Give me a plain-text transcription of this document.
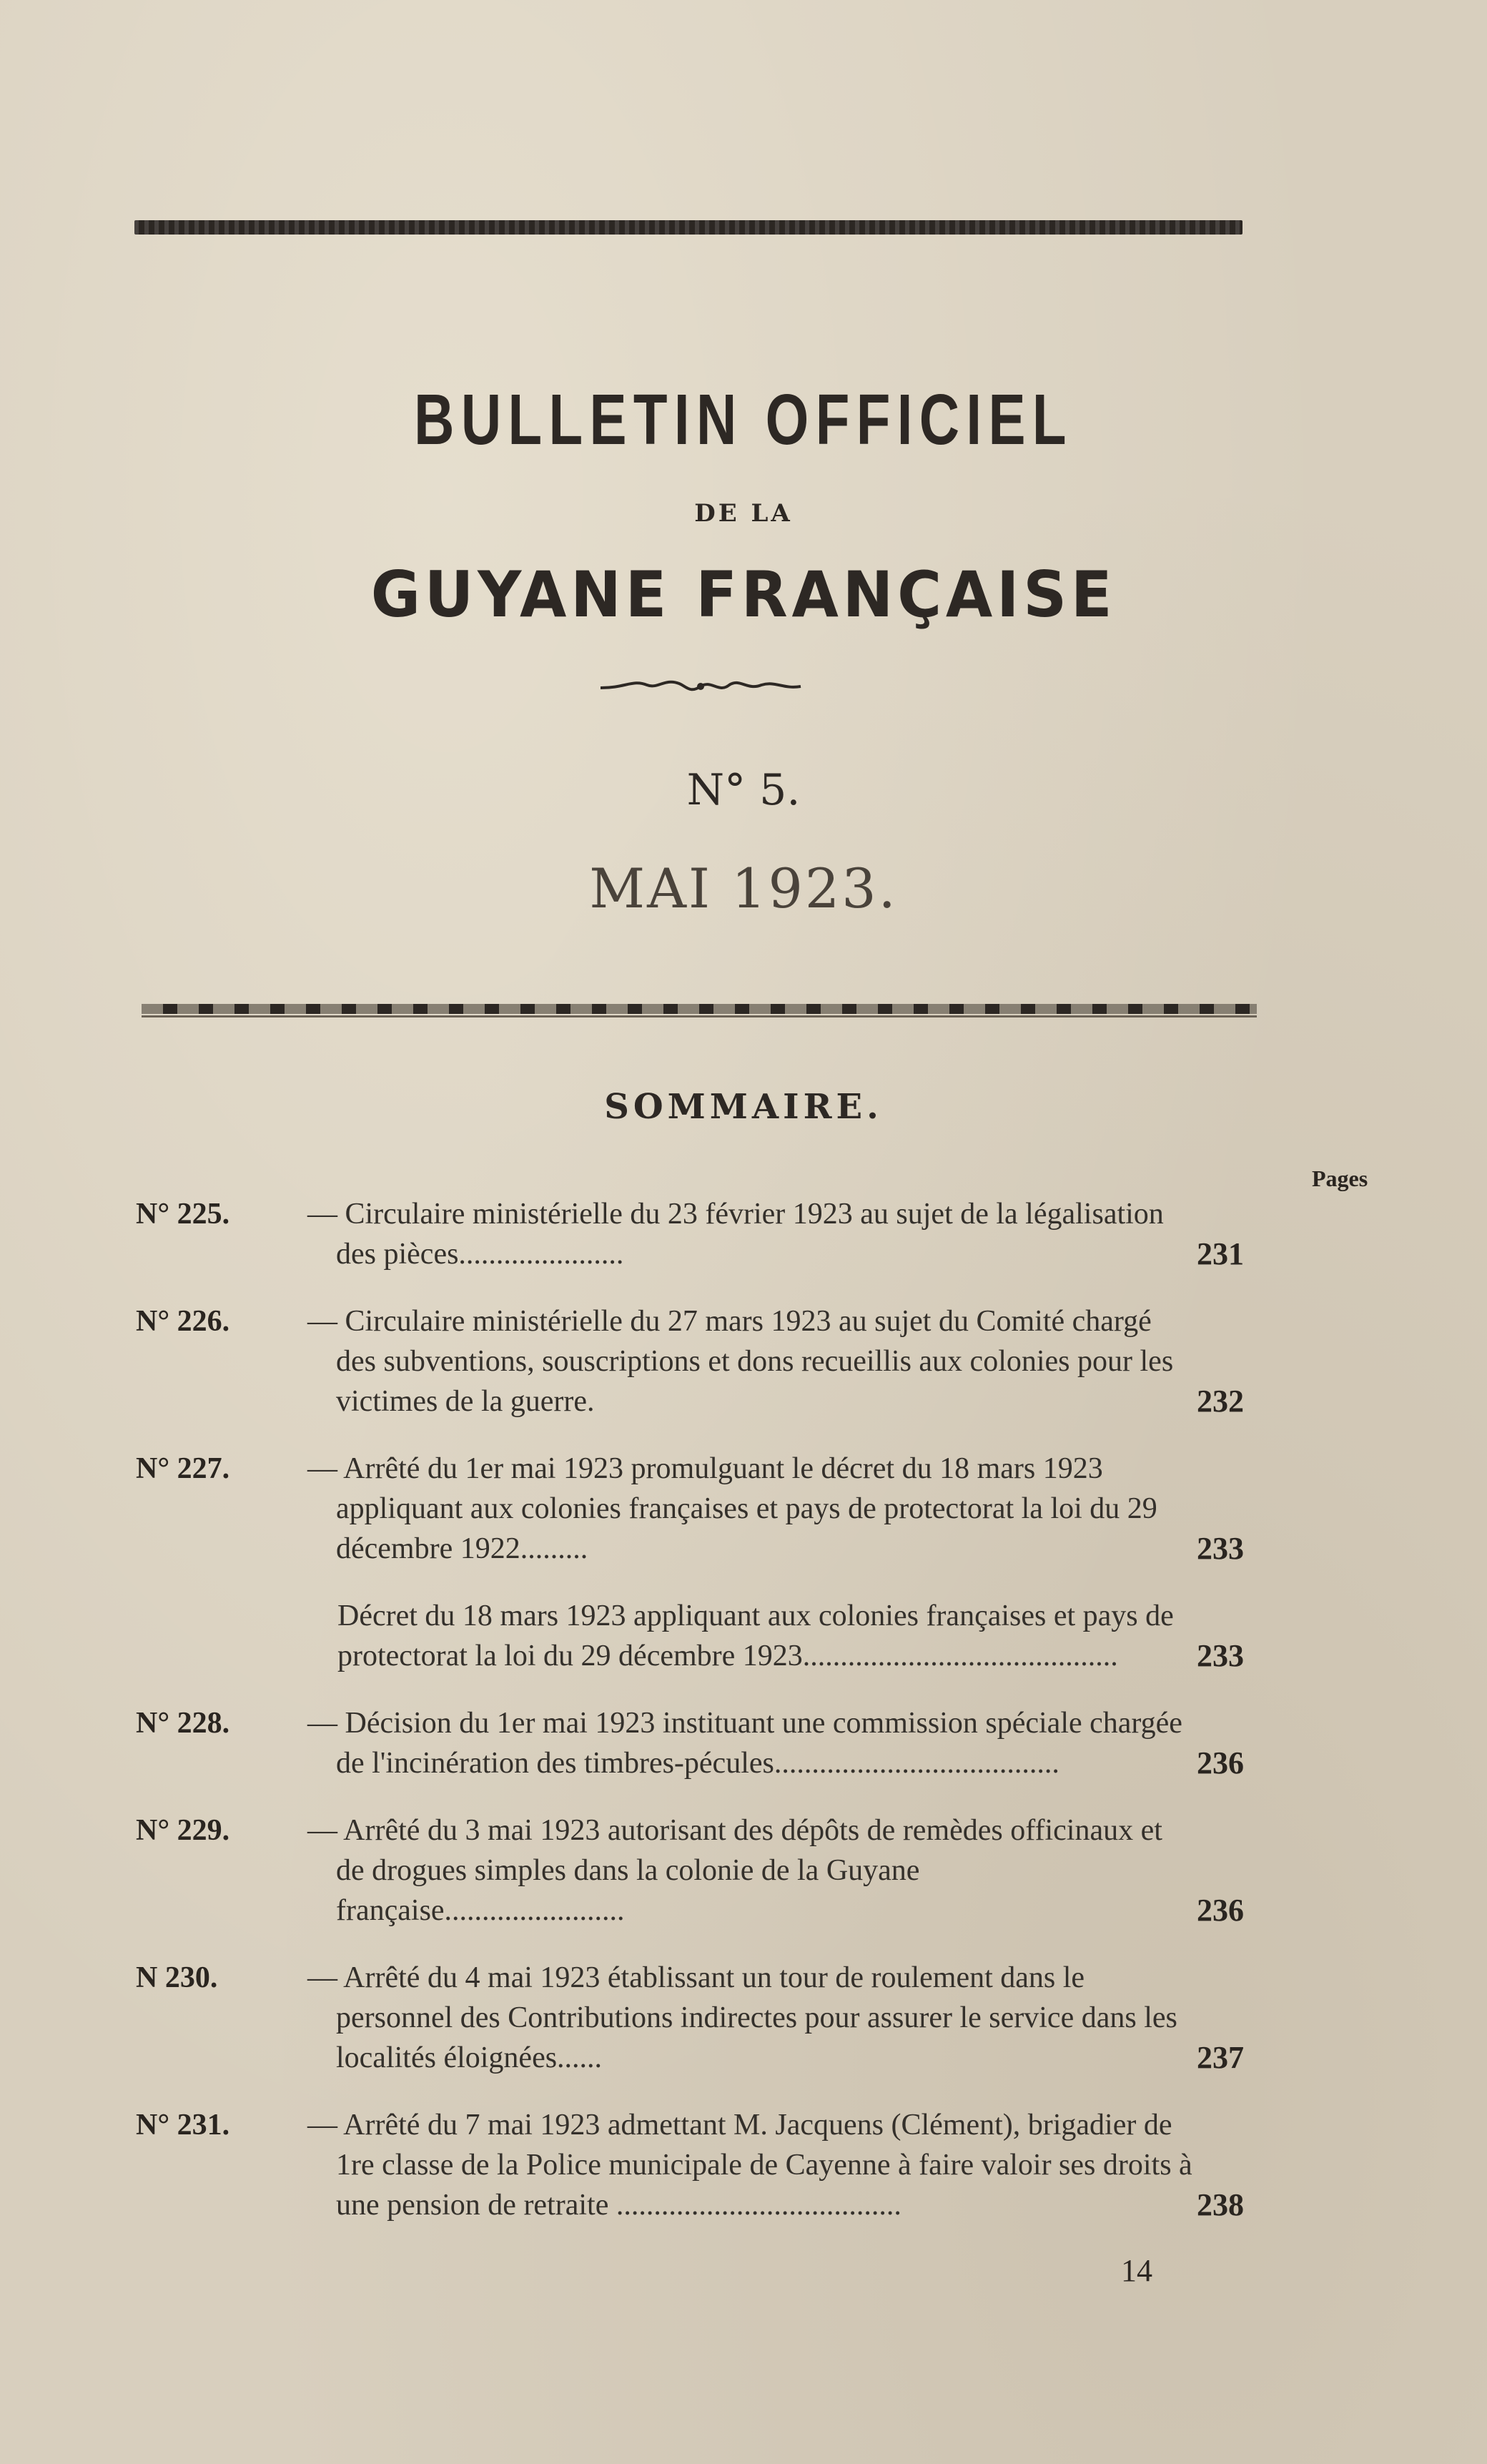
BULLETIN OFFICIEL
DE LA
GUYANE FRANÇAISE
N° 5.
MAI 1923.
SOMMAIRE.
Pages
N° 225.	— Circulaire ministérielle du 23 février 1923 au sujet de la légalisation des pièces......................	231
N° 226.	— Circulaire ministérielle du 27 mars 1923 au sujet du Comité chargé des subventions, souscriptions et dons recueillis aux colonies pour les victimes de la guerre.	232
N° 227.	— Arrêté du 1er mai 1923 promulguant le décret du 18 mars 1923 appliquant aux colonies françaises et pays de protectorat la loi du 29 décembre 1922.........	233
Décret du 18 mars 1923 appliquant aux colonies françaises et pays de protectorat la loi du 29 décembre 1923..........................................	233
N° 228.	— Décision du 1er mai 1923 instituant une commission spéciale chargée de l'incinération des timbres-pécules......................................	236
N° 229.	— Arrêté du 3 mai 1923 autorisant des dépôts de remèdes officinaux et de drogues simples dans la colonie de la Guyane française........................	236
N 230.	— Arrêté du 4 mai 1923 établissant un tour de roulement dans le personnel des Contributions indirectes pour assurer le service dans les localités éloignées......	237
N° 231.	— Arrêté du 7 mai 1923 admettant M. Jacquens (Clément), brigadier de 1re classe de la Police municipale de Cayenne à faire valoir ses droits à une pension de retraite ......................................	238
14
